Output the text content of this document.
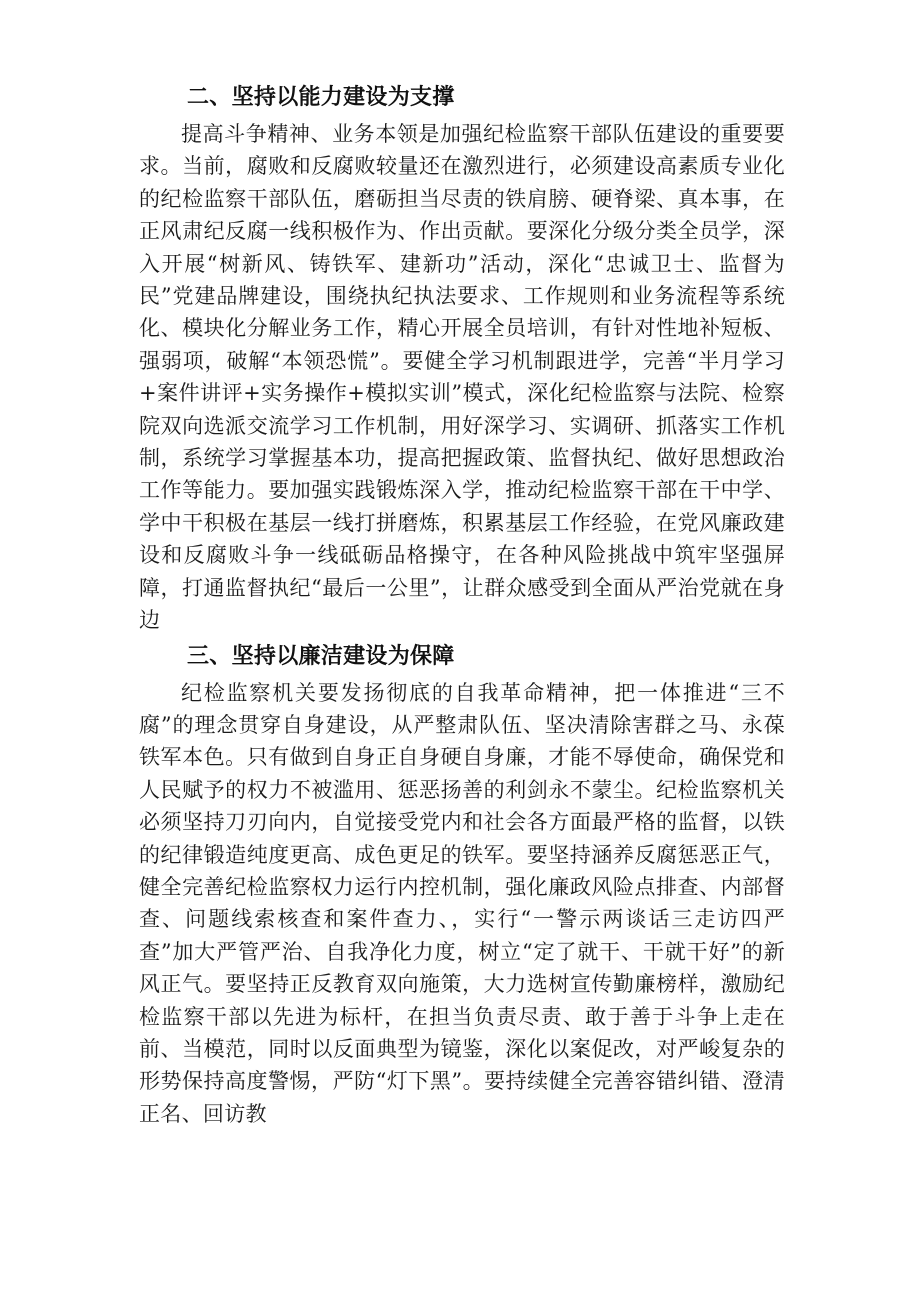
二、坚持以能力建设为支撑

提高斗争精神、业务本领是加强纪检监察干部队伍建设的重要要求。当前，腐败和反腐败较量还在激烈进行，必须建设高素质专业化的纪检监察干部队伍，磨砺担当尽责的铁肩膀、硬脊梁、真本事，在正风肃纪反腐一线积极作为、作出贡献。要深化分级分类全员学，深入开展“树新风、铸铁军、建新功”活动，深化“忠诚卫士、监督为民”党建品牌建设，围绕执纪执法要求、工作规则和业务流程等系统化、模块化分解业务工作，精心开展全员培训，有针对性地补短板、强弱项，破解“本领恐慌”。要健全学习机制跟进学，完善“半月学习+案件讲评+实务操作+模拟实训”模式，深化纪检监察与法院、检察院双向选派交流学习工作机制，用好深学习、实调研、抓落实工作机制，系统学习掌握基本功，提高把握政策、监督执纪、做好思想政治工作等能力。要加强实践锻炼深入学，推动纪检监察干部在干中学、学中干积极在基层一线打拼磨炼，积累基层工作经验，在党风廉政建设和反腐败斗争一线砥砺品格操守，在各种风险挑战中筑牢坚强屏障，打通监督执纪“最后一公里”，让群众感受到全面从严治党就在身边

三、坚持以廉洁建设为保障

纪检监察机关要发扬彻底的自我革命精神，把一体推进“三不腐”的理念贯穿自身建设，从严整肃队伍、坚决清除害群之马、永葆铁军本色。只有做到自身正自身硬自身廉，才能不辱使命，确保党和人民赋予的权力不被滥用、惩恶扬善的利剑永不蒙尘。纪检监察机关必须坚持刀刃向内，自觉接受党内和社会各方面最严格的监督，以铁的纪律锻造纯度更高、成色更足的铁军。要坚持涵养反腐惩恶正气，健全完善纪检监察权力运行内控机制，强化廉政风险点排查、内部督查、问题线索核查和案件查力、，实行“一警示两谈话三走访四严查”加大严管严治、自我净化力度，树立“定了就干、干就干好”的新风正气。要坚持正反教育双向施策，大力选树宣传勤廉榜样，激励纪检监察干部以先进为标杆，在担当负责尽责、敢于善于斗争上走在前、当模范，同时以反面典型为镜鉴，深化以案促改，对严峻复杂的形势保持高度警惕，严防“灯下黑”。要持续健全完善容错纠错、澄清正名、回访教
